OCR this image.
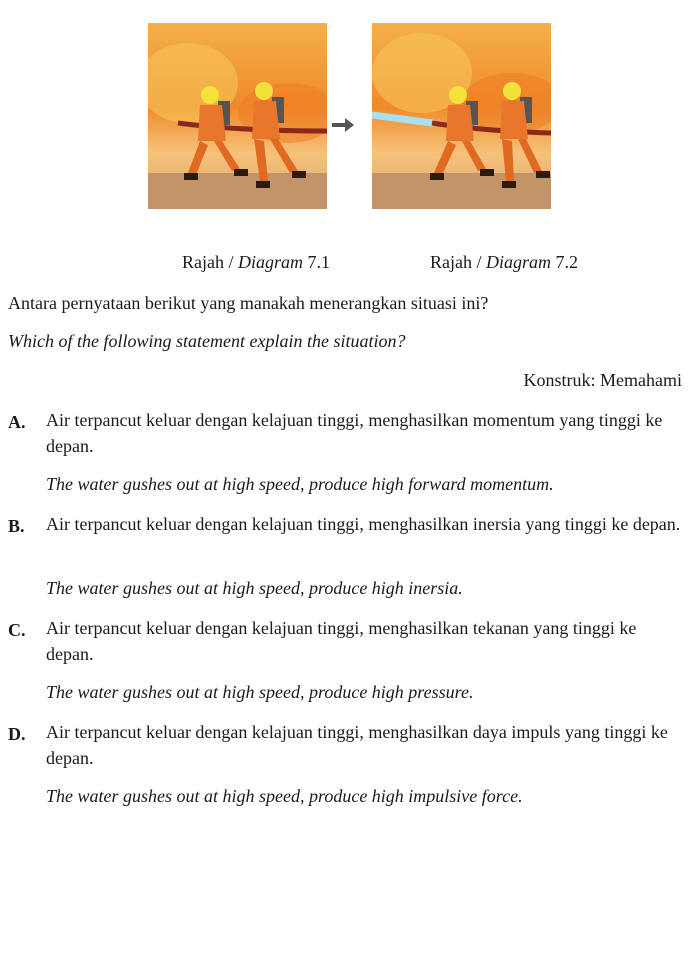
Rajah / Diagram 7.1	Rajah / Diagram 7.2
Antara pernyataan berikut yang manakah menerangkan situasi ini?
Which of the following statement explain the situation?
Konstruk: Memahami
A. Air terpancut keluar dengan kelajuan tinggi, menghasilkan momentum yang tinggi ke depan.
The water gushes out at high speed, produce high forward momentum.
B. Air terpancut keluar dengan kelajuan tinggi, menghasilkan inersia yang tinggi ke depan.
The water gushes out at high speed, produce high inersia.
C. Air terpancut keluar dengan kelajuan tinggi, menghasilkan tekanan yang tinggi ke depan.
The water gushes out at high speed, produce high pressure.
D. Air terpancut keluar dengan kelajuan tinggi, menghasilkan daya impuls yang tinggi ke depan.
The water gushes out at high speed, produce high impulsive force.
